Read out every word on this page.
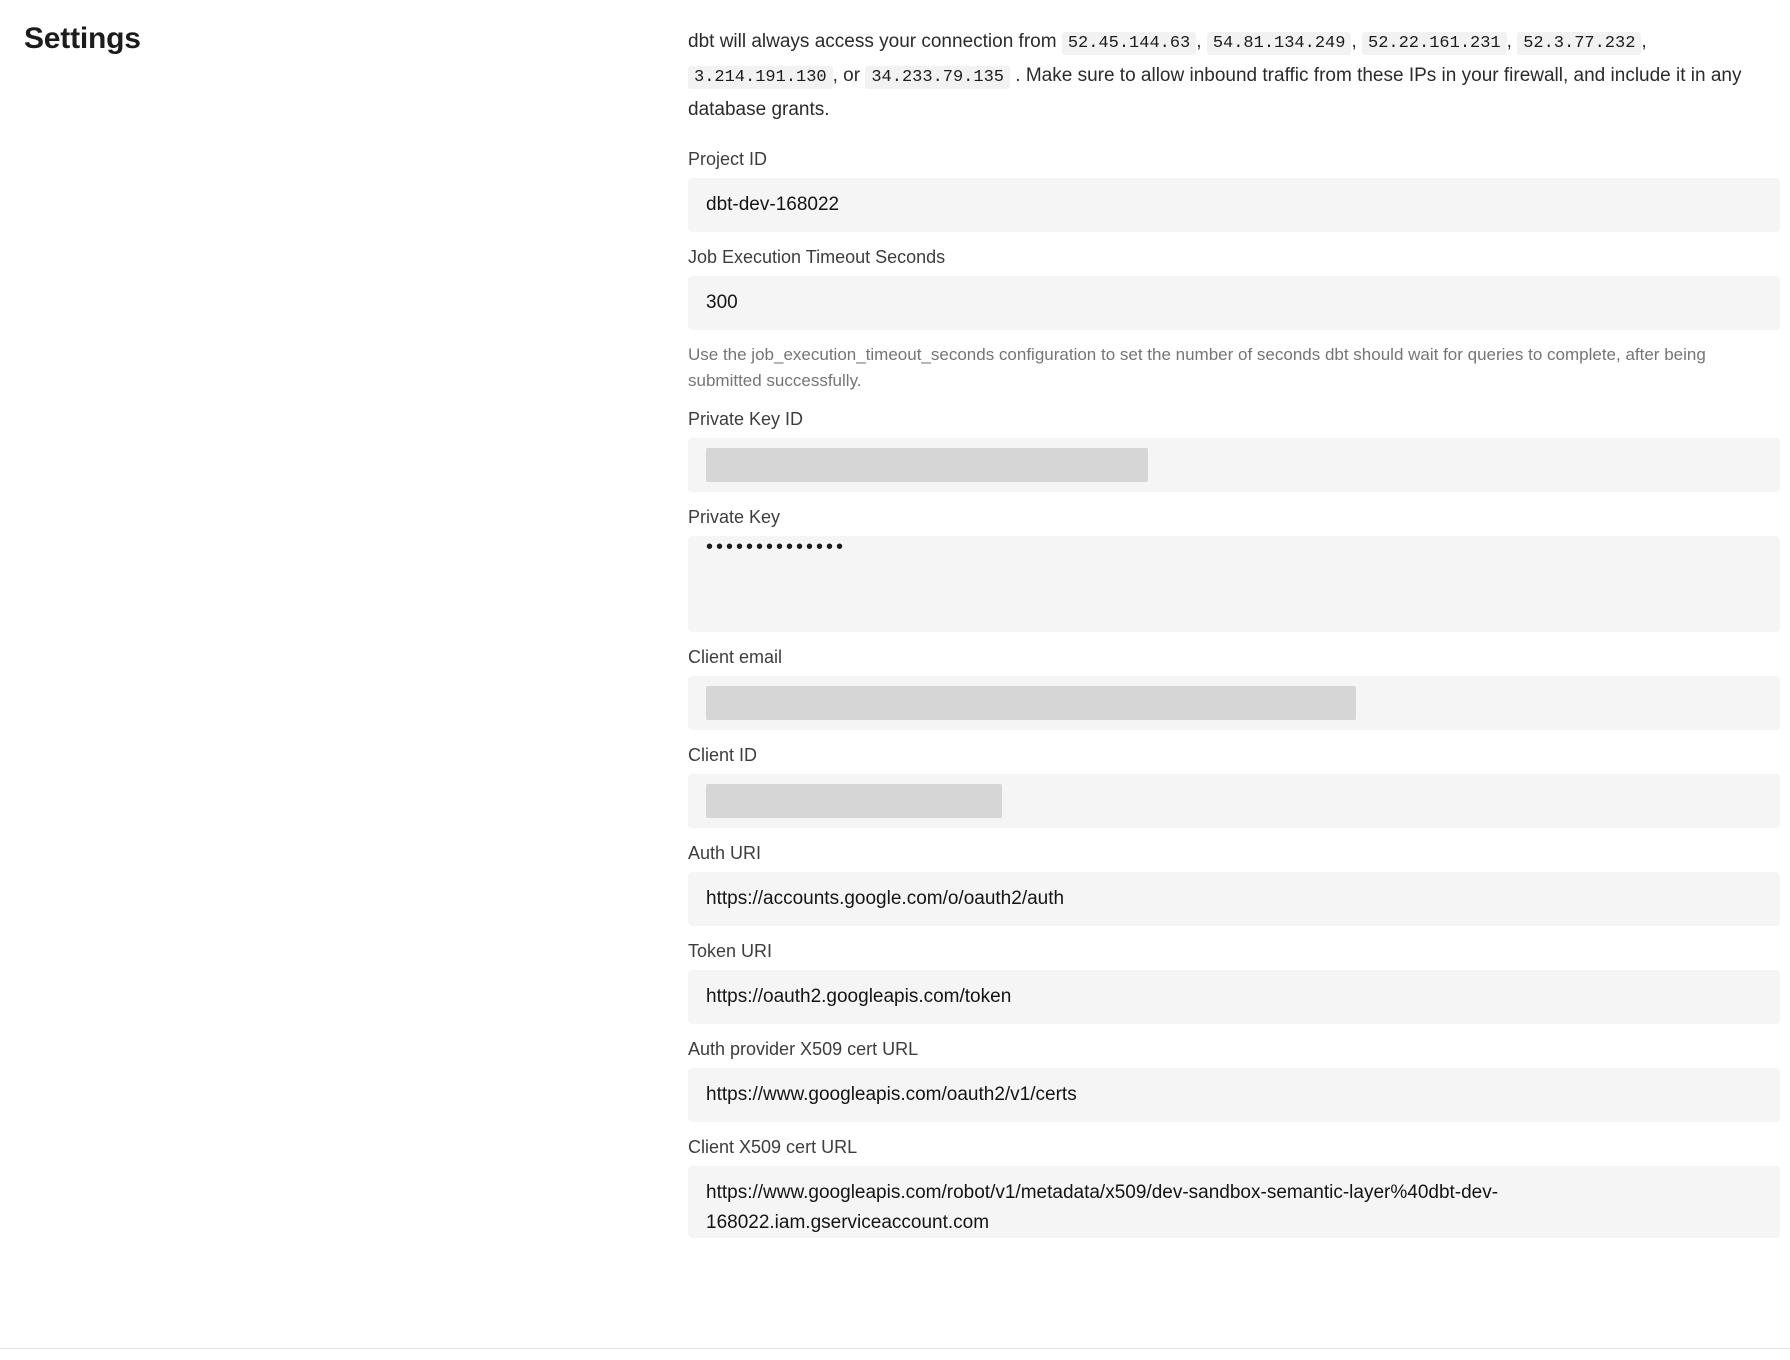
Settings	dbt will always access your connection from 52.45.144.63 , 54.81.134.249 , 52.22.161.231 , 52.3.77.232 , 3.214.191.130 , or 34.233.79.135 . Make sure to allow inbound traffic from these IPs in your firewall, and include it in any database grants.

Project ID
dbt-dev-168022
Job Execution Timeout Seconds
300
Use the job_execution_timeout_seconds configuration to set the number of seconds dbt should wait for queries to complete, after being submitted successfully.
Private Key ID
Private Key
••••••••••••••
Client email
Client ID
Auth URI
https://accounts.google.com/o/oauth2/auth
Token URI
https://oauth2.googleapis.com/token
Auth provider X509 cert URL
https://www.googleapis.com/oauth2/v1/certs
Client X509 cert URL
https://www.googleapis.com/robot/v1/metadata/x509/dev-sandbox-semantic-layer%40dbt-dev-168022.iam.gserviceaccount.com
